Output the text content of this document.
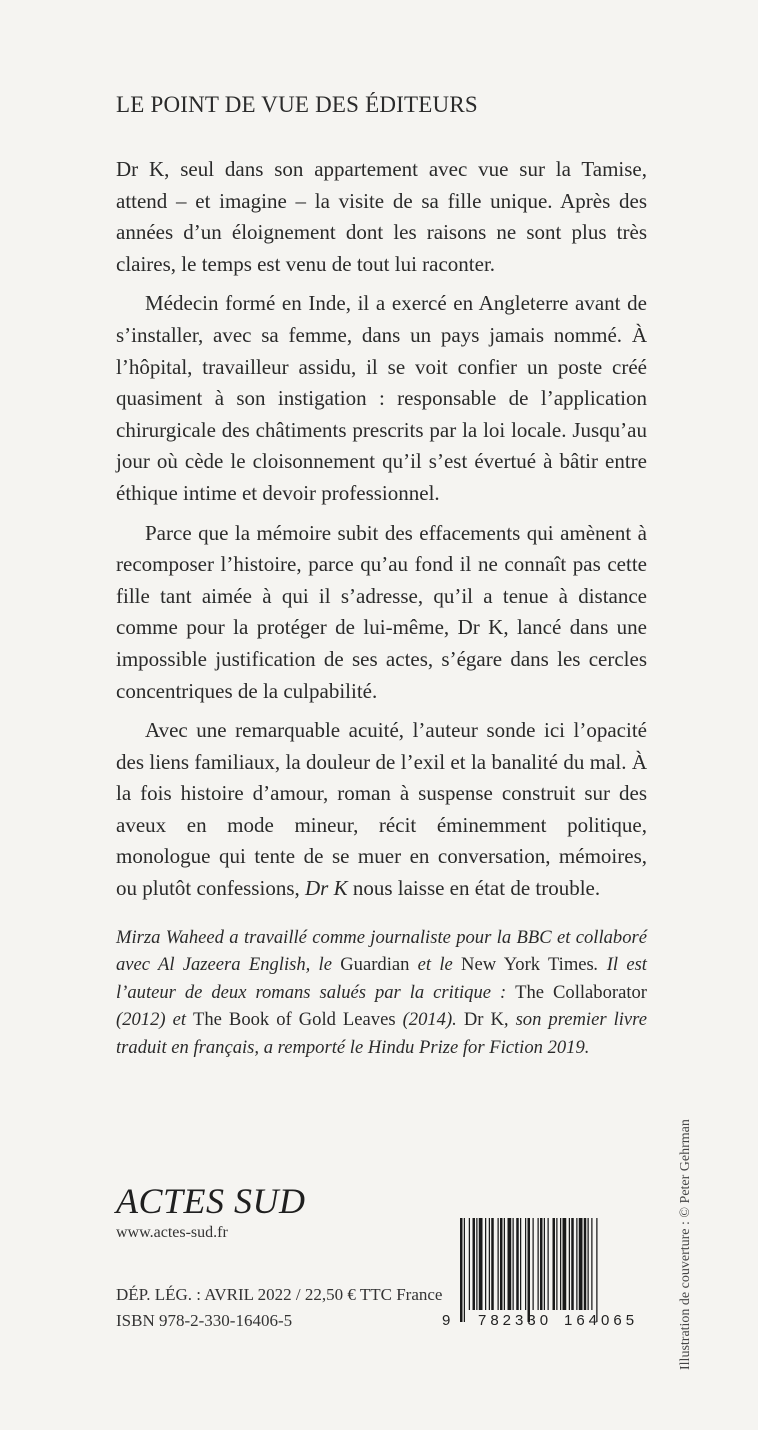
LE POINT DE VUE DES ÉDITEURS

Dr K, seul dans son appartement avec vue sur la Tamise, attend – et imagine – la visite de sa fille unique. Après des années d’un éloignement dont les raisons ne sont plus très claires, le temps est venu de tout lui raconter.

Médecin formé en Inde, il a exercé en Angleterre avant de s’installer, avec sa femme, dans un pays jamais nommé. À l’hôpital, travailleur assidu, il se voit confier un poste créé quasiment à son instigation : responsable de l’application chirurgicale des châtiments prescrits par la loi locale. Jusqu’au jour où cède le cloisonnement qu’il s’est évertué à bâtir entre éthique intime et devoir professionnel.

Parce que la mémoire subit des effacements qui amènent à recomposer l’histoire, parce qu’au fond il ne connaît pas cette fille tant aimée à qui il s’adresse, qu’il a tenue à distance comme pour la protéger de lui-même, Dr K, lancé dans une impossible justification de ses actes, s’égare dans les cercles concentriques de la culpabilité.

Avec une remarquable acuité, l’auteur sonde ici l’opacité des liens familiaux, la douleur de l’exil et la banalité du mal. À la fois histoire d’amour, roman à suspense construit sur des aveux en mode mineur, récit éminemment politique, monologue qui tente de se muer en conversation, mémoires, ou plutôt confessions, Dr K nous laisse en état de trouble.

Mirza Waheed a travaillé comme journaliste pour la BBC et collaboré avec Al Jazeera English, le Guardian et le New York Times. Il est l’auteur de deux romans salués par la critique : The Collaborator (2012) et The Book of Gold Leaves (2014). Dr K, son premier livre traduit en français, a remporté le Hindu Prize for Fiction 2019.

ACTES SUD
www.actes-sud.fr
DÉP. LÉG. : AVRIL 2022 / 22,50 € TTC France
ISBN 978-2-330-16406-5	9 782330 164065	Illustration de couverture : © Peter Gehrman
